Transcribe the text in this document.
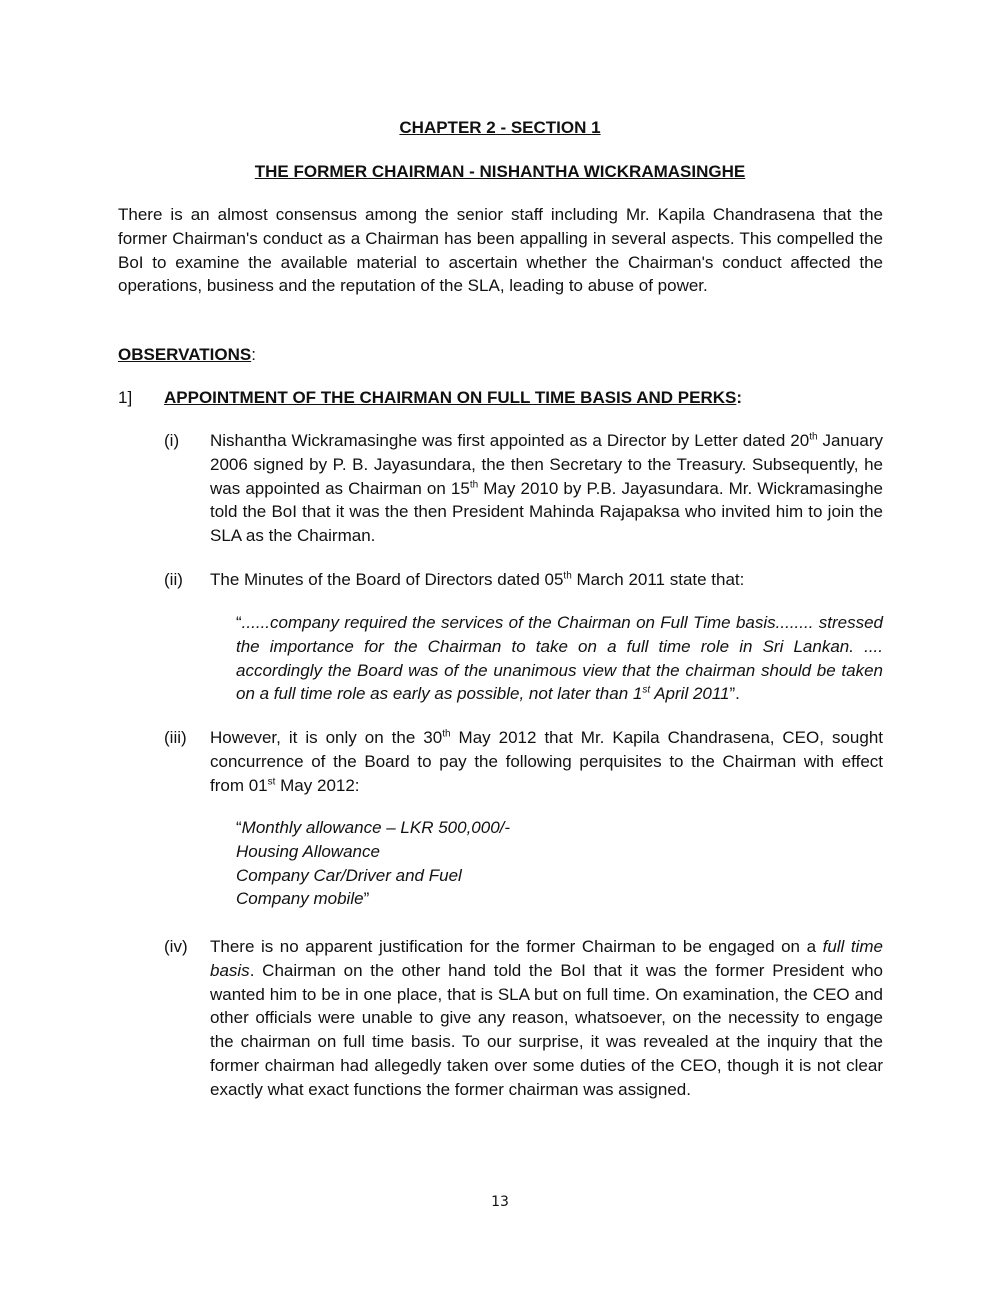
CHAPTER 2 - SECTION 1
THE FORMER CHAIRMAN - NISHANTHA WICKRAMASINGHE
There is an almost consensus among the senior staff including Mr. Kapila Chandrasena that the former Chairman's conduct as a Chairman has been appalling in several aspects. This compelled the BoI to examine the available material to ascertain whether the Chairman's conduct affected the operations, business and the reputation of the SLA, leading to abuse of power.
OBSERVATIONS:
1] APPOINTMENT OF THE CHAIRMAN ON FULL TIME BASIS AND PERKS:
(i) Nishantha Wickramasinghe was first appointed as a Director by Letter dated 20th January 2006 signed by P. B. Jayasundara, the then Secretary to the Treasury. Subsequently, he was appointed as Chairman on 15th May 2010 by P.B. Jayasundara. Mr. Wickramasinghe told the BoI that it was the then President Mahinda Rajapaksa who invited him to join the SLA as the Chairman.
(ii) The Minutes of the Board of Directors dated 05th March 2011 state that:
“......company required the services of the Chairman on Full Time basis........ stressed the importance for the Chairman to take on a full time role in Sri Lankan. .... accordingly the Board was of the unanimous view that the chairman should be taken on a full time role as early as possible, not later than 1st April 2011”.
(iii) However, it is only on the 30th May 2012 that Mr. Kapila Chandrasena, CEO, sought concurrence of the Board to pay the following perquisites to the Chairman with effect from 01st May 2012:
“Monthly allowance – LKR 500,000/-
Housing Allowance
Company Car/Driver and Fuel
Company mobile”
(iv) There is no apparent justification for the former Chairman to be engaged on a full time basis. Chairman on the other hand told the BoI that it was the former President who wanted him to be in one place, that is SLA but on full time. On examination, the CEO and other officials were unable to give any reason, whatsoever, on the necessity to engage the chairman on full time basis. To our surprise, it was revealed at the inquiry that the former chairman had allegedly taken over some duties of the CEO, though it is not clear exactly what exact functions the former chairman was assigned.
13
